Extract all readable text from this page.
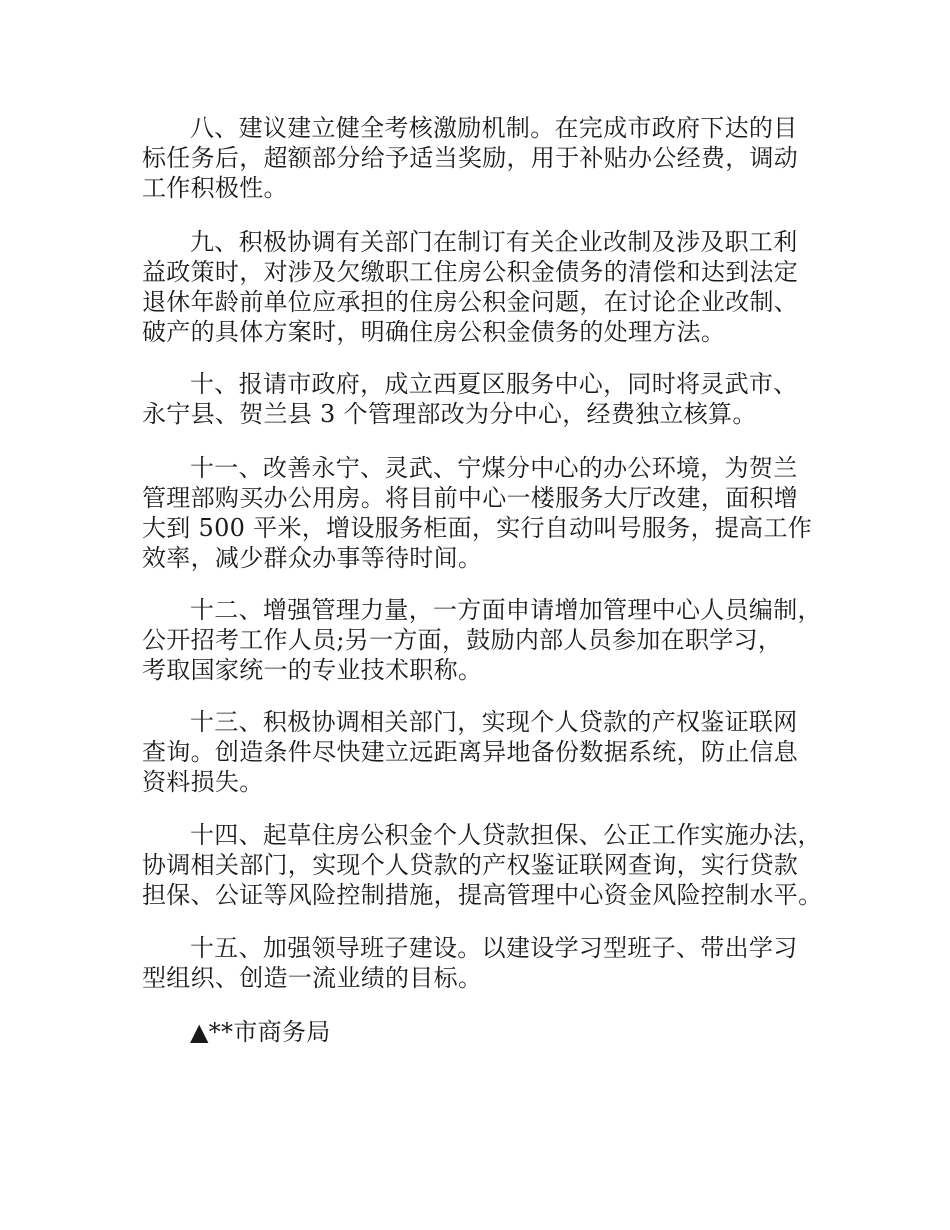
八、建议建立健全考核激励机制。在完成市政府下达的目
标任务后，超额部分给予适当奖励，用于补贴办公经费，调动
工作积极性。

九、积极协调有关部门在制订有关企业改制及涉及职工利
益政策时，对涉及欠缴职工住房公积金债务的清偿和达到法定
退休年龄前单位应承担的住房公积金问题，在讨论企业改制、
破产的具体方案时，明确住房公积金债务的处理方法。

十、报请市政府，成立西夏区服务中心，同时将灵武市、
永宁县、贺兰县 3 个管理部改为分中心，经费独立核算。

十一、改善永宁、灵武、宁煤分中心的办公环境，为贺兰
管理部购买办公用房。将目前中心一楼服务大厅改建，面积增
大到 500 平米，增设服务柜面，实行自动叫号服务，提高工作
效率，减少群众办事等待时间。

十二、增强管理力量，一方面申请增加管理中心人员编制，
公开招考工作人员;另一方面，鼓励内部人员参加在职学习，
考取国家统一的专业技术职称。

十三、积极协调相关部门，实现个人贷款的产权鉴证联网
查询。创造条件尽快建立远距离异地备份数据系统，防止信息
资料损失。

十四、起草住房公积金个人贷款担保、公正工作实施办法，
协调相关部门，实现个人贷款的产权鉴证联网查询，实行贷款
担保、公证等风险控制措施，提高管理中心资金风险控制水平。

十五、加强领导班子建设。以建设学习型班子、带出学习
型组织、创造一流业绩的目标。

▲**市商务局
